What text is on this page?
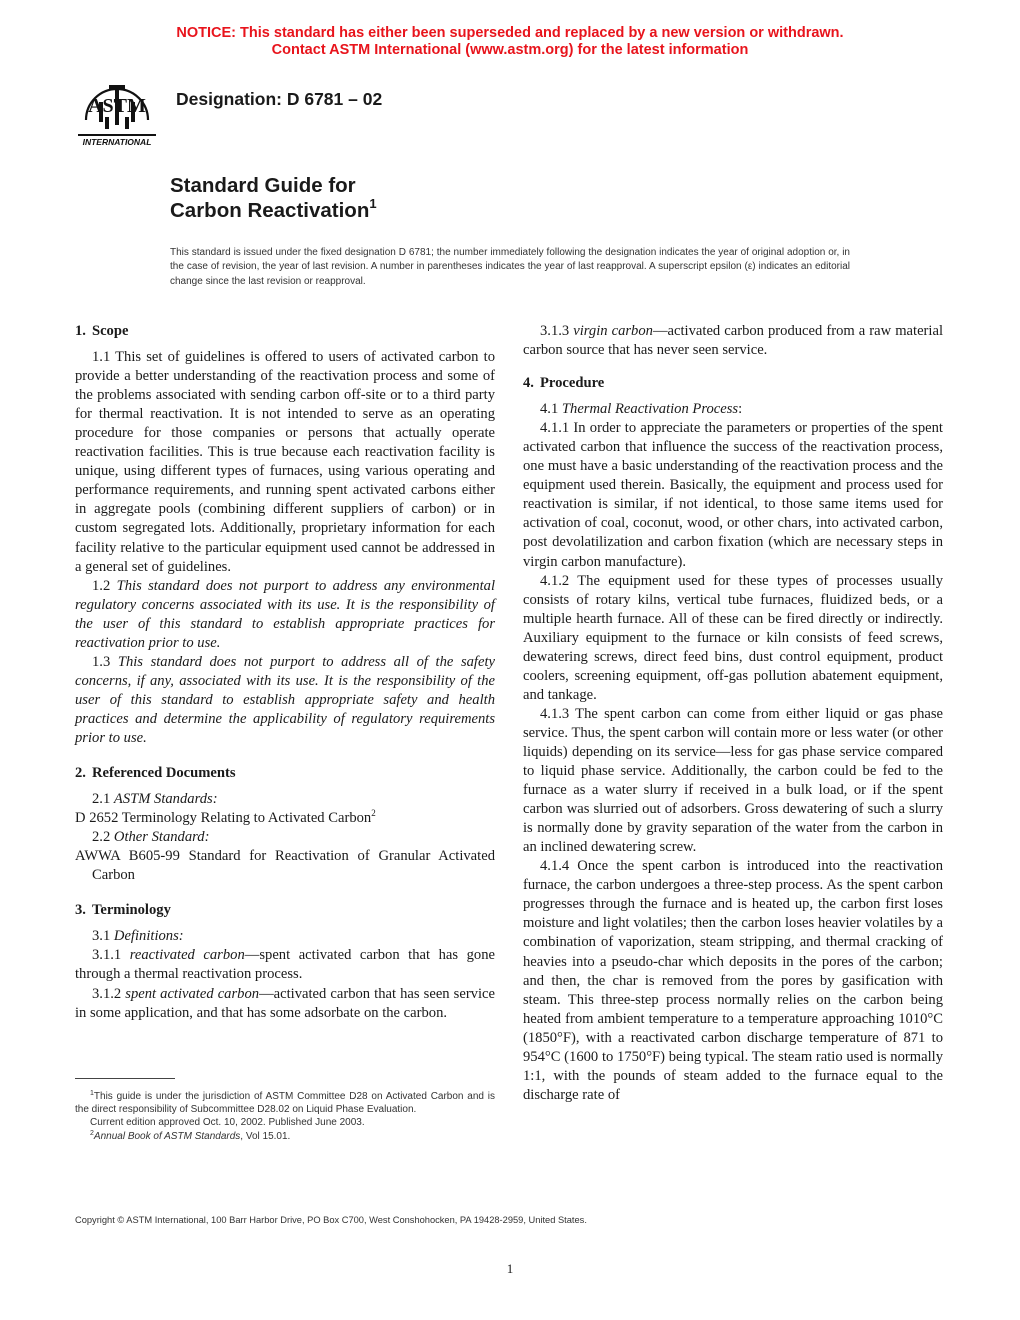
NOTICE: This standard has either been superseded and replaced by a new version or withdrawn.
Contact ASTM International (www.astm.org) for the latest information
ASTM
INTERNATIONAL
Designation: D 6781 – 02
Standard Guide for
Carbon Reactivation$^1$
This standard is issued under the fixed designation D 6781; the number immediately following the designation indicates the year of original adoption or, in the case of revision, the year of last revision. A number in parentheses indicates the year of last reapproval. A superscript epsilon (ε) indicates an editorial change since the last revision or reapproval.

1. Scope

1.1 This set of guidelines is offered to users of activated carbon to provide a better understanding of the reactivation process and some of the problems associated with sending carbon off-site or to a third party for thermal reactivation. It is not intended to serve as an operating procedure for those companies or persons that actually operate reactivation facilities. This is true because each reactivation facility is unique, using different types of furnaces, using various operating and performance requirements, and running spent activated carbons either in aggregate pools (combining different suppliers of carbon) or in custom segregated lots. Additionally, proprietary information for each facility relative to the particular equipment used cannot be addressed in a general set of guidelines.

1.2 This standard does not purport to address any environmental regulatory concerns associated with its use. It is the responsibility of the user of this standard to establish appropriate practices for reactivation prior to use.

1.3 This standard does not purport to address all of the safety concerns, if any, associated with its use. It is the responsibility of the user of this standard to establish appropriate safety and health practices and determine the applicability of regulatory requirements prior to use.

2. Referenced Documents

2.1 ASTM Standards:

D 2652 Terminology Relating to Activated Carbon$^2$

2.2 Other Standard:

AWWA B605-99 Standard for Reactivation of Granular Activated Carbon

3. Terminology

3.1 Definitions:

3.1.1 reactivated carbon—spent activated carbon that has gone through a thermal reactivation process.

3.1.2 spent activated carbon—activated carbon that has seen service in some application, and that has some adsorbate on the carbon.

3.1.3 virgin carbon—activated carbon produced from a raw material carbon source that has never seen service.

4. Procedure

4.1 Thermal Reactivation Process:

4.1.1 In order to appreciate the parameters or properties of the spent activated carbon that influence the success of the reactivation process, one must have a basic understanding of the reactivation process and the equipment used therein. Basically, the equipment and process used for reactivation is similar, if not identical, to those same items used for activation of coal, coconut, wood, or other chars, into activated carbon, post devolatilization and carbon fixation (which are necessary steps in virgin carbon manufacture).

4.1.2 The equipment used for these types of processes usually consists of rotary kilns, vertical tube furnaces, fluidized beds, or a multiple hearth furnace. All of these can be fired directly or indirectly. Auxiliary equipment to the furnace or kiln consists of feed screws, dewatering screws, direct feed bins, dust control equipment, product coolers, screening equipment, off-gas pollution abatement equipment, and tankage.

4.1.3 The spent carbon can come from either liquid or gas phase service. Thus, the spent carbon will contain more or less water (or other liquids) depending on its service—less for gas phase service compared to liquid phase service. Additionally, the carbon could be fed to the furnace as a water slurry if received in a bulk load, or if the spent carbon was slurried out of adsorbers. Gross dewatering of such a slurry is normally done by gravity separation of the water from the carbon in an inclined dewatering screw.

4.1.4 Once the spent carbon is introduced into the reactivation furnace, the carbon undergoes a three-step process. As the spent carbon progresses through the furnace and is heated up, the carbon first loses moisture and light volatiles; then the carbon loses heavier volatiles by a combination of vaporization, steam stripping, and thermal cracking of heavies into a pseudo-char which deposits in the pores of the carbon; and then, the char is removed from the pores by gasification with steam. This three-step process normally relies on the carbon being heated from ambient temperature to a temperature approaching 1010°C (1850°F), with a reactivated carbon discharge temperature of 871 to 954°C (1600 to 1750°F) being typical. The steam ratio used is normally 1:1, with the pounds of steam added to the furnace equal to the discharge rate of

$^1$This guide is under the jurisdiction of ASTM Committee D28 on Activated Carbon and is the direct responsibility of Subcommittee D28.02 on Liquid Phase Evaluation.

Current edition approved Oct. 10, 2002. Published June 2003.

$^2$Annual Book of ASTM Standards, Vol 15.01.

Copyright © ASTM International, 100 Barr Harbor Drive, PO Box C700, West Conshohocken, PA 19428-2959, United States.
1
